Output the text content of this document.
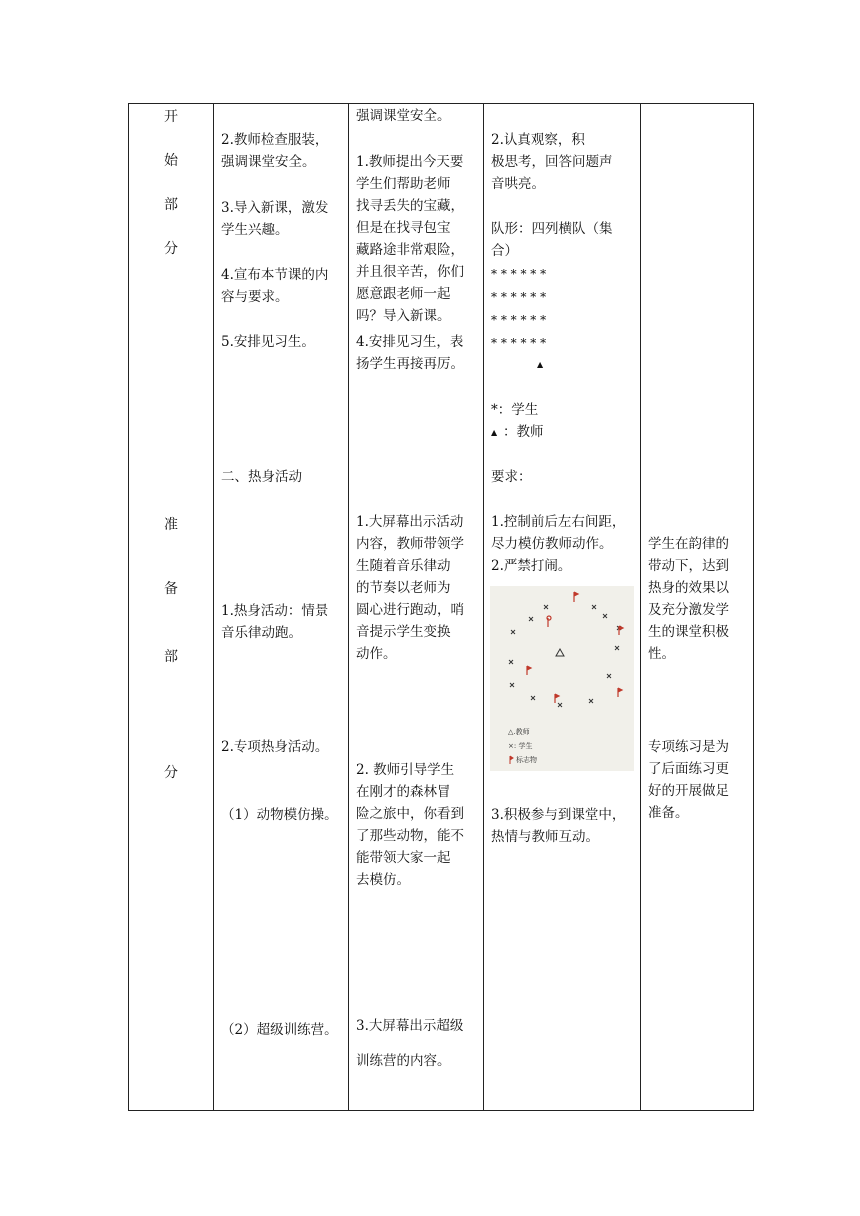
开
始
部
分
准
备
部
分
2.教师检查服装，
强调课堂安全。
3.导入新课，激发
学生兴趣。
4.宣布本节课的内
容与要求。
5.安排见习生。
二、热身活动
1.热身活动：情景
音乐律动跑。
2.专项热身活动。
（1）动物模仿操。
（2）超级训练营。
强调课堂安全。
1.教师提出今天要
学生们帮助老师
找寻丢失的宝藏，
但是在找寻包宝
藏路途非常艰险，
并且很辛苦，你们
愿意跟老师一起
吗？导入新课。
4.安排见习生，表
扬学生再接再厉。
1.大屏幕出示活动
内容，教师带领学
生随着音乐律动
的节奏以老师为
圆心进行跑动，哨
音提示学生变换
动作。
2. 教师引导学生
在刚才的森林冒
险之旅中，你看到
了那些动物，能不
能带领大家一起
去模仿。
3.大屏幕出示超级
训练营的内容。
2.认真观察，积
极思考，回答问题声
音哄亮。
队形：四列横队（集
合）
* * * * * *
* * * * * *
* * * * * *
* * * * * *
▲
*：学生
▲ ：教师
要求：
1.控制前后左右间距，
尽力模仿教师动作。
2.严禁打闹。
△.教师
×: 学生
标志物
3.积极参与到课堂中，
热情与教师互动。
学生在韵律的
带动下，达到
热身的效果以
及充分激发学
生的课堂积极
性。
专项练习是为
了后面练习更
好的开展做足
准备。
